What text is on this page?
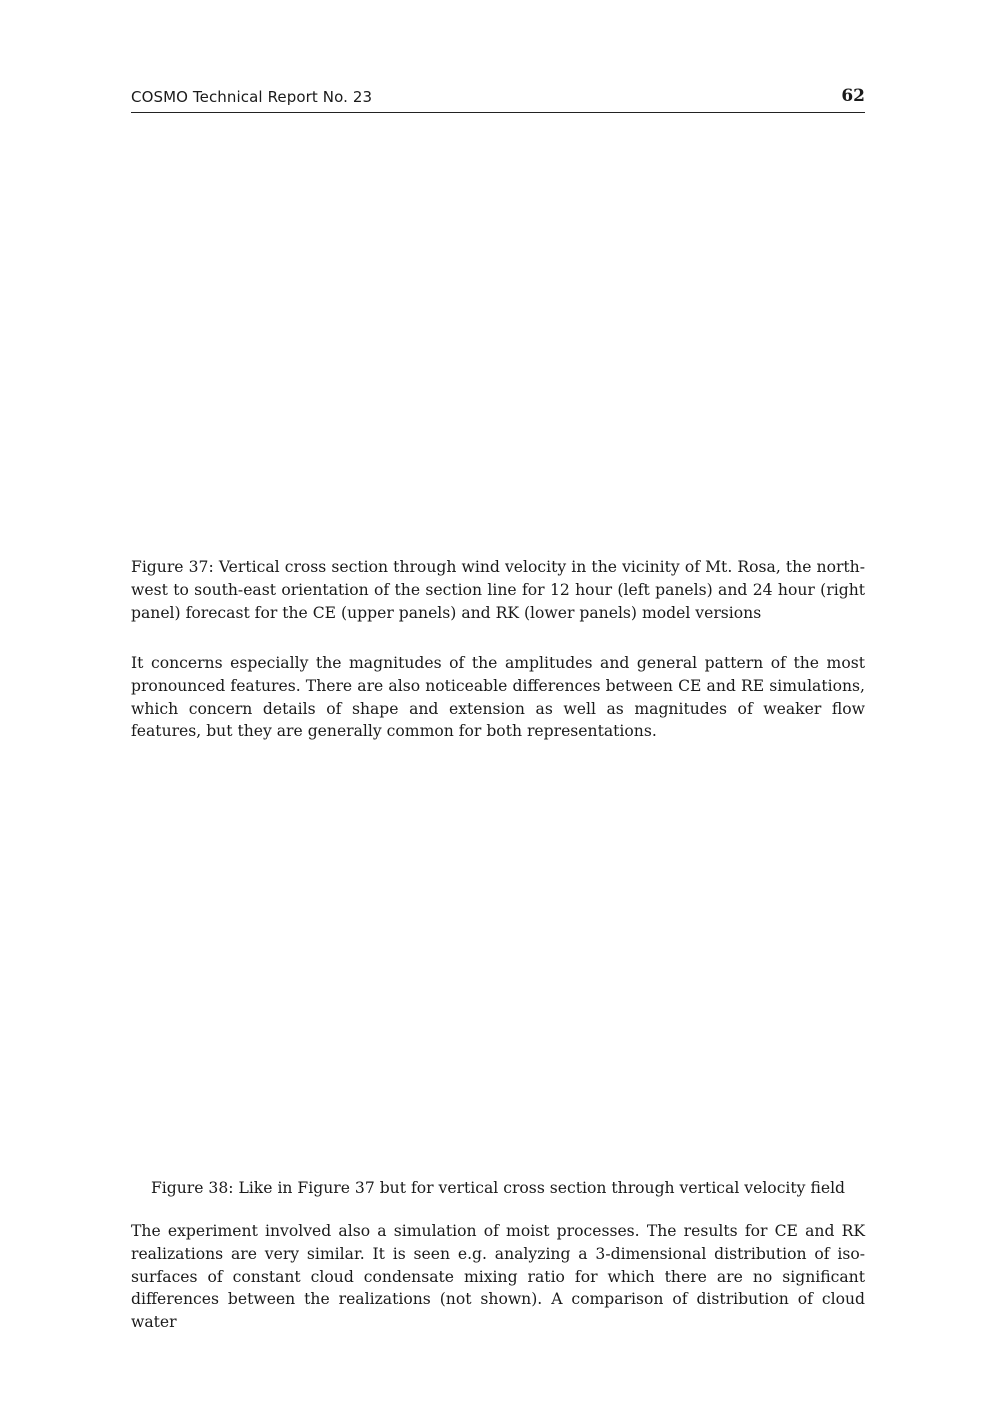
COSMO Technical Report No. 23	62

Figure 37: Vertical cross section through wind velocity in the vicinity of Mt. Rosa, the north-west to south-east orientation of the section line for 12 hour (left panels) and 24 hour (right panel) forecast for the CE (upper panels) and RK (lower panels) model versions

It concerns especially the magnitudes of the amplitudes and general pattern of the most pronounced features. There are also noticeable differences between CE and RE simulations, which concern details of shape and extension as well as magnitudes of weaker flow features, but they are generally common for both representations.

Figure 38: Like in Figure 37 but for vertical cross section through vertical velocity field

The experiment involved also a simulation of moist processes. The results for CE and RK realizations are very similar. It is seen e.g. analyzing a 3-dimensional distribution of iso-surfaces of constant cloud condensate mixing ratio for which there are no significant differences between the realizations (not shown). A comparison of distribution of cloud water
